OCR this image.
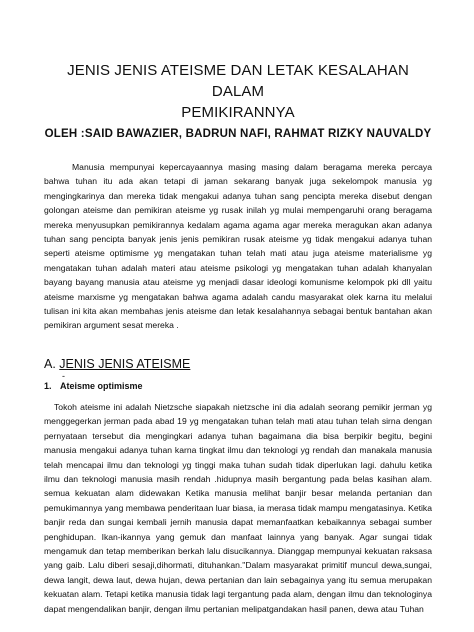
JENIS JENIS ATEISME DAN LETAK KESALAHAN DALAM
PEMIKIRANNYA

OLEH :SAID BAWAZIER, BADRUN NAFI, RAHMAT RIZKY NAUVALDY

Manusia mempunyai kepercayaannya masing masing dalam beragama mereka percaya bahwa tuhan itu ada akan tetapi di jaman sekarang banyak juga sekelompok manusia yg mengingkarinya dan mereka tidak mengakui adanya tuhan sang pencipta mereka disebut dengan golongan ateisme dan pemikiran ateisme yg rusak inilah yg mulai mempengaruhi orang beragama mereka menyusupkan pemikirannya kedalam agama agama agar mereka meragukan akan adanya tuhan sang pencipta banyak jenis jenis pemikiran rusak ateisme yg tidak mengakui adanya tuhan seperti ateisme optimisme yg mengatakan tuhan telah mati atau juga ateisme materialisme yg mengatakan tuhan adalah materi atau ateisme psikologi yg mengatakan tuhan adalah khanyalan bayang bayang manusia atau ateisme yg menjadi dasar ideologi komunisme kelompok pki dll yaitu ateisme marxisme yg mengatakan bahwa agama adalah candu masyarakat olek karna itu melalui tulisan ini kita akan membahas jenis ateisme dan letak kesalahannya sebagai bentuk bantahan akan pemikiran argument sesat mereka .

A. JENIS JENIS ATEISME
-

1. Ateisme optimisme

Tokoh ateisme ini adalah Nietzsche siapakah nietzsche ini dia adalah seorang pemikir jerman yg menggegerkan jerman pada abad 19 yg mengatakan tuhan telah mati atau tuhan telah sirna dengan pernyataan tersebut dia mengingkari adanya tuhan bagaimana dia bisa berpikir begitu, begini manusia mengakui adanya tuhan karna tingkat ilmu dan teknologi yg rendah dan manakala manusia telah mencapai ilmu dan teknologi yg tinggi maka tuhan sudah tidak diperlukan lagi. dahulu ketika ilmu dan teknologi manusia masih rendah .hidupnya masih bergantung pada belas kasihan alam. semua kekuatan alam didewakan Ketika manusia melihat banjir besar melanda pertanian dan pemukimannya yang membawa penderitaan luar biasa, ia merasa tidak mampu mengatasinya. Ketika banjir reda dan sungai kembali jernih manusia dapat memanfaatkan kebaikannya sebagai sumber penghidupan. Ikan-ikannya yang gemuk dan manfaat lainnya yang banyak. Agar sungai tidak mengamuk dan tetap memberikan berkah lalu disucikannya. Dianggap mempunyai kekuatan raksasa yang gaib. Lalu diberi sesaji,dihormati, dituhankan."Dalam masyarakat primitif muncul dewa,sungai, dewa langit, dewa laut, dewa hujan, dewa pertanian dan lain sebagainya yang itu semua merupakan kekuatan alam. Tetapi ketika manusia tidak lagi tergantung pada alam, dengan ilmu dan teknologinya dapat mengendalikan banjir, dengan ilmu pertanian melipatgandakan hasil panen, dewa atau Tuhan
